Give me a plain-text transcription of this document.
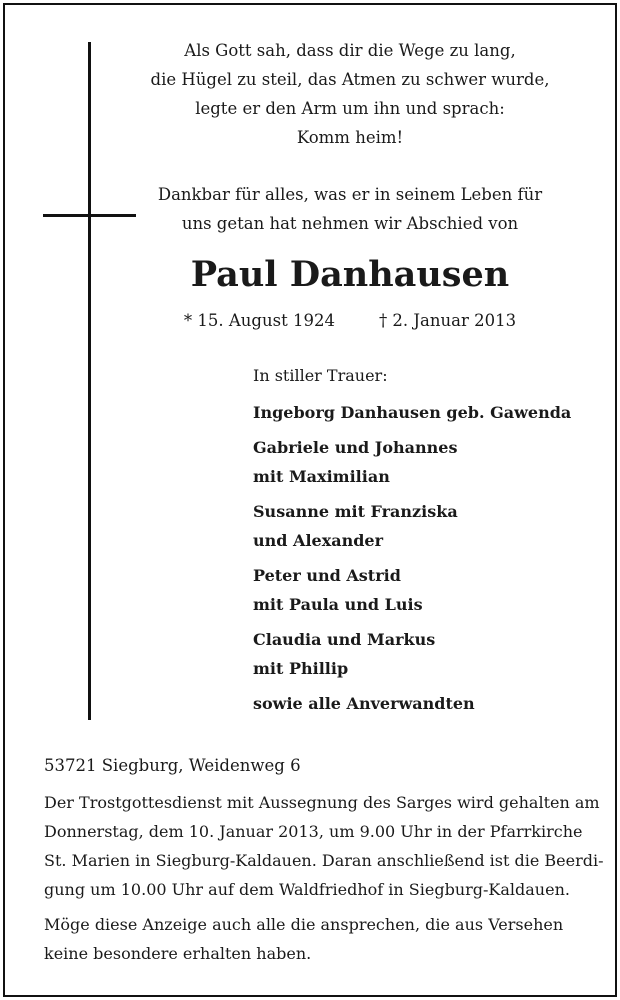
Als Gott sah, dass dir die Wege zu lang,
die Hügel zu steil, das Atmen zu schwer wurde,
legte er den Arm um ihn und sprach:
Komm heim!
Dankbar für alles, was er in seinem Leben für
uns getan hat nehmen wir Abschied von
Paul Danhausen
* 15. August 1924	† 2. Januar 2013
In stiller Trauer:
Ingeborg Danhausen geb. Gawenda
Gabriele und Johannes
mit Maximilian
Susanne mit Franziska
und Alexander
Peter und Astrid
mit Paula und Luis
Claudia und Markus
mit Phillip
sowie alle Anverwandten
53721 Siegburg, Weidenweg 6
Der Trostgottesdienst mit Aussegnung des Sarges wird gehalten am
Donnerstag, dem 10. Januar 2013, um 9.00 Uhr in der Pfarrkirche
St. Marien in Siegburg-Kaldauen. Daran anschließend ist die Beerdi-
gung um 10.00 Uhr auf dem Waldfriedhof in Siegburg-Kaldauen.
Möge diese Anzeige auch alle die ansprechen, die aus Versehen
keine besondere erhalten haben.
